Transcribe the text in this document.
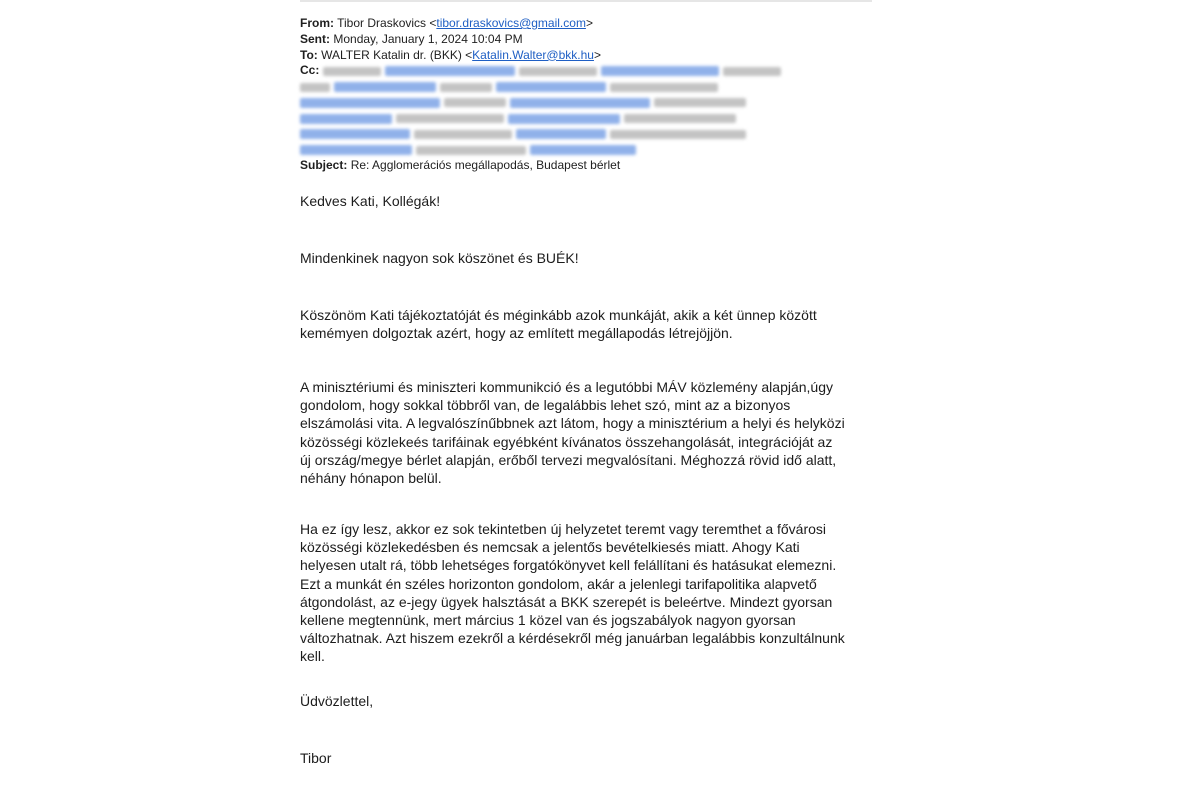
From: Tibor Draskovics <tibor.draskovics@gmail.com>
Sent: Monday, January 1, 2024 10:04 PM
To: WALTER Katalin dr. (BKK) <Katalin.Walter@bkk.hu>
Cc:
Subject: Re: Agglomerációs megállapodás, Budapest bérlet

Kedves Kati, Kollégák!

Mindenkinek nagyon sok köszönet és BUÉK!

Köszönöm Kati tájékoztatóját és méginkább azok munkáját, akik a két ünnep között
kemémyen dolgoztak azért, hogy az említett megállapodás létrejöjjön.

A minisztériumi és miniszteri kommunikció és a legutóbbi MÁV közlemény alapján,úgy
gondolom, hogy sokkal többről van, de legalábbis lehet szó, mint az a bizonyos
elszámolási vita. A legvalószínűbbnek azt látom, hogy a minisztérium a helyi és helyközi
közösségi közlekeés tarifáinak egyébként kívánatos összehangolását, integrációját az
új ország/megye bérlet alapján, erőből tervezi megvalósítani. Méghozzá rövid idő alatt,
néhány hónapon belül.

Ha ez így lesz, akkor ez sok tekintetben új helyzetet teremt vagy teremthet a fővárosi
közösségi közlekedésben és nemcsak a jelentős bevételkiesés miatt. Ahogy Kati
helyesen utalt rá, több lehetséges forgatókönyvet kell felállítani és hatásukat elemezni.
Ezt a munkát én széles horizonton gondolom, akár a jelenlegi tarifapolitika alapvető
átgondolást, az e-jegy ügyek halsztását a BKK szerepét is beleértve. Mindezt gyorsan
kellene megtennünk, mert március 1 közel van és jogszabályok nagyon gyorsan
változhatnak. Azt hiszem ezekről a kérdésekről még januárban legalábbis konzultálnunk
kell.

Üdvözlettel,

Tibor
